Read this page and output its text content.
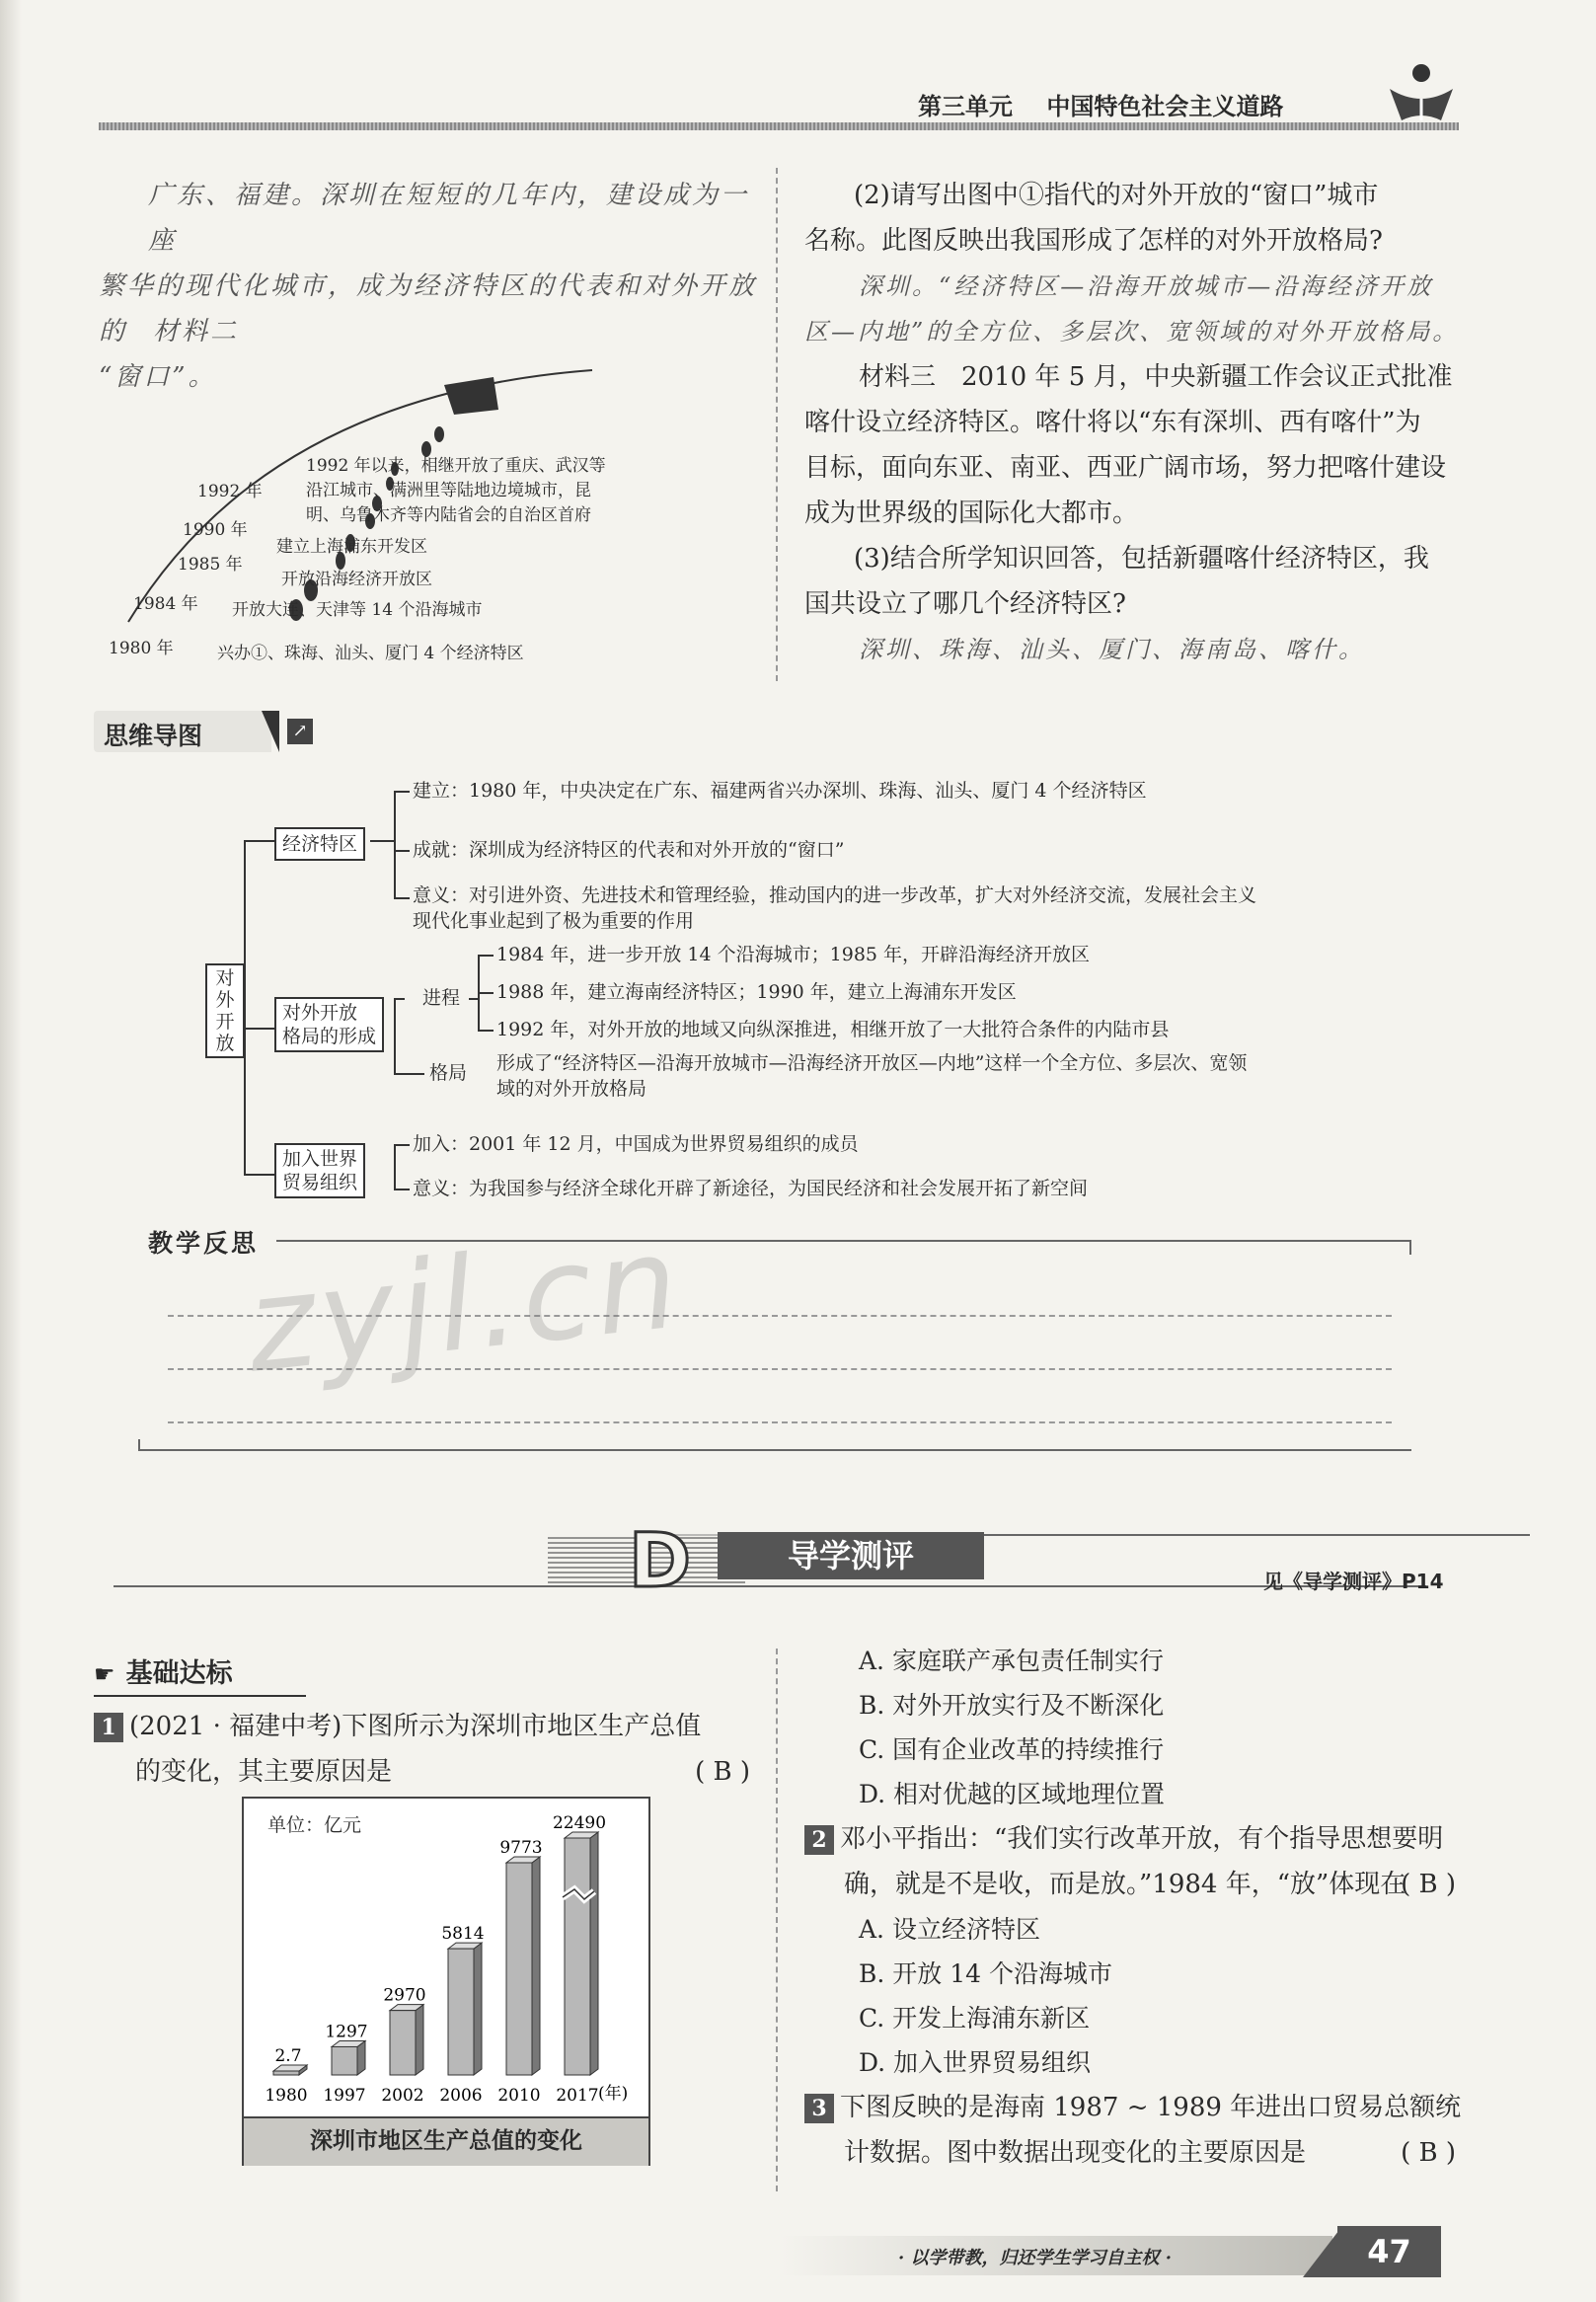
第三单元 中国特色社会主义道路
广东、福建。深圳在短短的几年内，建设成为一座
繁华的现代化城市，成为经济特区的代表和对外开放的
“窗口”。
材料二
1992 年以来，相继开放了重庆、武汉等
沿江城市、满洲里等陆地边境城市，昆
明、乌鲁木齐等内陆省会的自治区首府
1992 年
1990 年
建立上海浦东开发区
1985 年
开放沿海经济开放区
1984 年 开放大连、天津等 14 个沿海城市
1980 年	兴办①、珠海、汕头、厦门 4 个经济特区
(2)请写出图中①指代的对外开放的“窗口”城市
名称。此图反映出我国形成了怎样的对外开放格局?
深圳。“经济特区—沿海开放城市—沿海经济开放
区—内地”的全方位、多层次、宽领域的对外开放格局。
材料三　2010 年 5 月，中央新疆工作会议正式批准
喀什设立经济特区。喀什将以“东有深圳、西有喀什”为
目标，面向东亚、南亚、西亚广阔市场，努力把喀什建设
成为世界级的国际化大都市。
(3)结合所学知识回答，包括新疆喀什经济特区，我
国共设立了哪几个经济特区?
深圳、珠海、汕头、厦门、海南岛、喀什。
思维导图	↗
对外开放
经济特区
对外开放
格局的形成
加入世界
贸易组织
建立：1980 年，中央决定在广东、福建两省兴办深圳、珠海、汕头、厦门 4 个经济特区
成就：深圳成为经济特区的代表和对外开放的“窗口”
意义：对引进外资、先进技术和管理经验，推动国内的进一步改革，扩大对外经济交流，发展社会主义
现代化事业起到了极为重要的作用
进程
1984 年，进一步开放 14 个沿海城市；1985 年，开辟沿海经济开放区
1988 年，建立海南经济特区；1990 年，建立上海浦东开发区
1992 年，对外开放的地域又向纵深推进，相继开放了一大批符合条件的内陆市县
格局 形成了“经济特区—沿海开放城市—沿海经济开放区—内地”这样一个全方位、多层次、宽领
域的对外开放格局
加入：2001 年 12 月，中国成为世界贸易组织的成员
意义：为我国参与经济全球化开辟了新途径，为国民经济和社会发展开拓了新空间
教学反思
zyjl.cn
D	导学测评
见《导学测评》P14
☛ 基础达标
1 (2021 · 福建中考)下图所示为深圳市地区生产总值
的变化，其主要原因是	( B )
单位：亿元
2.7
1980
1297
1997
2970
2002
5814
2006
9773
2010
22490
2017 (年)
深圳市地区生产总值的变化
A. 家庭联产承包责任制实行
B. 对外开放实行及不断深化
C. 国有企业改革的持续推行
D. 相对优越的区域地理位置
2 邓小平指出：“我们实行改革开放，有个指导思想要明
确，就是不是收，而是放。”1984 年，“放”体现在
( B )
A. 设立经济特区
B. 开放 14 个沿海城市
C. 开发上海浦东新区
D. 加入世界贸易组织
3 下图反映的是海南 1987 ~ 1989 年进出口贸易总额统
计数据。图中数据出现变化的主要原因是	( B )
· 以学带教，归还学生学习自主权 ·	47
